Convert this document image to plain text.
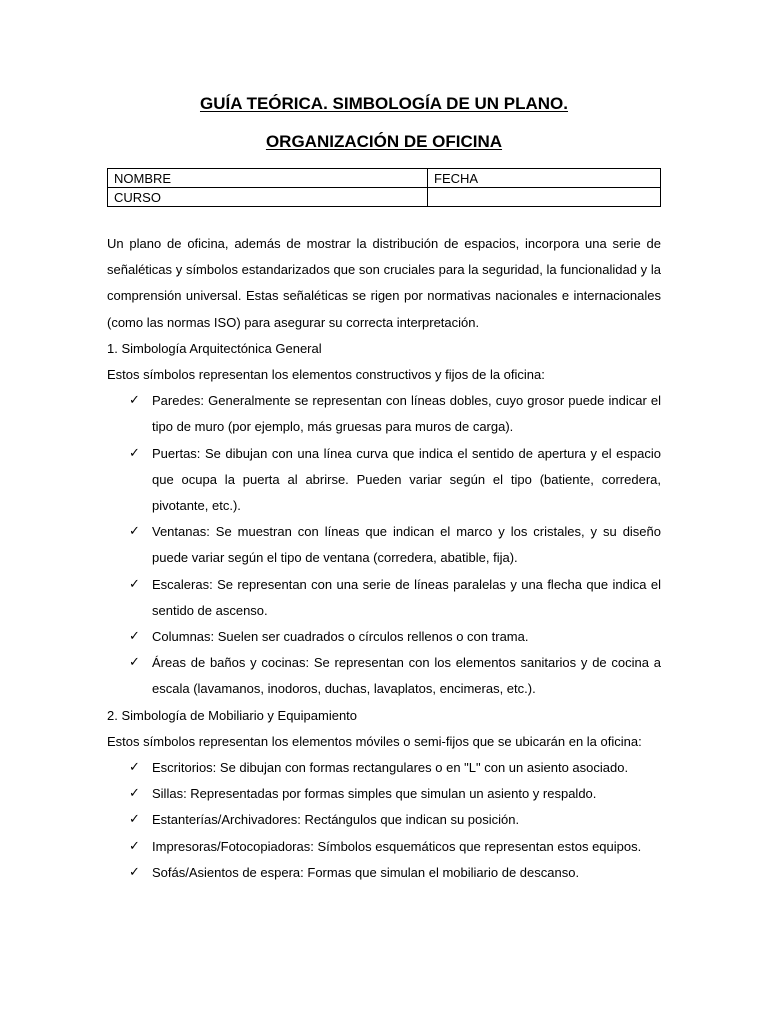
GUÍA TEÓRICA. SIMBOLOGÍA DE UN PLANO.
ORGANIZACIÓN DE OFICINA
NOMBRE	FECHA
CURSO	

Un plano de oficina, además de mostrar la distribución de espacios, incorpora una serie de señaléticas y símbolos estandarizados que son cruciales para la seguridad, la funcionalidad y la comprensión universal. Estas señaléticas se rigen por normativas nacionales e internacionales (como las normas ISO) para asegurar su correcta interpretación.

1. Simbología Arquitectónica General

Estos símbolos representan los elementos constructivos y fijos de la oficina:

✓ Paredes: Generalmente se representan con líneas dobles, cuyo grosor puede indicar el tipo de muro (por ejemplo, más gruesas para muros de carga).
✓ Puertas: Se dibujan con una línea curva que indica el sentido de apertura y el espacio que ocupa la puerta al abrirse. Pueden variar según el tipo (batiente, corredera, pivotante, etc.).
✓ Ventanas: Se muestran con líneas que indican el marco y los cristales, y su diseño puede variar según el tipo de ventana (corredera, abatible, fija).
✓ Escaleras: Se representan con una serie de líneas paralelas y una flecha que indica el sentido de ascenso.
✓ Columnas: Suelen ser cuadrados o círculos rellenos o con trama.
✓ Áreas de baños y cocinas: Se representan con los elementos sanitarios y de cocina a escala (lavamanos, inodoros, duchas, lavaplatos, encimeras, etc.).

2. Simbología de Mobiliario y Equipamiento

Estos símbolos representan los elementos móviles o semi-fijos que se ubicarán en la oficina:

✓ Escritorios: Se dibujan con formas rectangulares o en "L" con un asiento asociado.
✓ Sillas: Representadas por formas simples que simulan un asiento y respaldo.
✓ Estanterías/Archivadores: Rectángulos que indican su posición.
✓ Impresoras/Fotocopiadoras: Símbolos esquemáticos que representan estos equipos.
✓ Sofás/Asientos de espera: Formas que simulan el mobiliario de descanso.
